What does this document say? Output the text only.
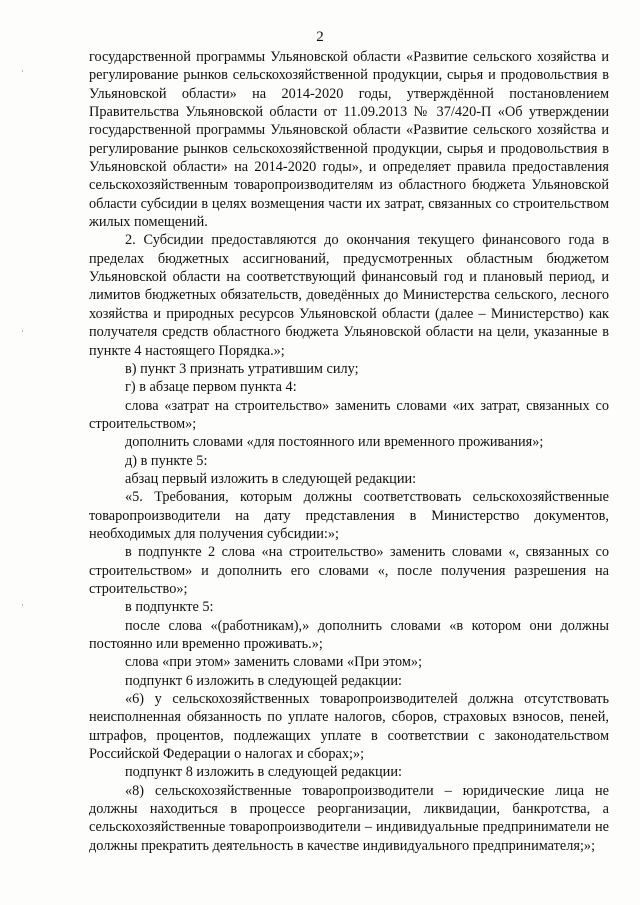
2

государственной программы Ульяновской области «Развитие сельского хозяйства и регулирование рынков сельскохозяйственной продукции, сырья и продовольствия в Ульяновской области» на 2014-2020 годы, утверждённой постановлением Правительства Ульяновской области от 11.09.2013 № 37/420-П «Об утверждении государственной программы Ульяновской области «Развитие сельского хозяйства и регулирование рынков сельскохозяйственной продукции, сырья и продовольствия в Ульяновской области» на 2014-2020 годы», и определяет правила предоставления сельскохозяйственным товаропроизводителям из областного бюджета Ульяновской области субсидии в целях возмещения части их затрат, связанных со строительством жилых помещений.

2. Субсидии предоставляются до окончания текущего финансового года в пределах бюджетных ассигнований, предусмотренных областным бюджетом Ульяновской области на соответствующий финансовый год и плановый период, и лимитов бюджетных обязательств, доведённых до Министерства сельского, лесного хозяйства и природных ресурсов Ульяновской области (далее – Министерство) как получателя средств областного бюджета Ульяновской области на цели, указанные в пункте 4 настоящего Порядка.»;

в) пункт 3 признать утратившим силу;

г) в абзаце первом пункта 4:

слова «затрат на строительство» заменить словами «их затрат, связанных со строительством»;

дополнить словами «для постоянного или временного проживания»;

д) в пункте 5:

абзац первый изложить в следующей редакции:

«5. Требования, которым должны соответствовать сельскохозяйственные товаропроизводители на дату представления в Министерство документов, необходимых для получения субсидии:»;

в подпункте 2 слова «на строительство» заменить словами «, связанных со строительством» и дополнить его словами «, после получения разрешения на строительство»;

в подпункте 5:

после слова «(работникам),» дополнить словами «в котором они должны постоянно или временно проживать.»;

слова «при этом» заменить словами «При этом»;

подпункт 6 изложить в следующей редакции:

«6) у сельскохозяйственных товаропроизводителей должна отсутствовать неисполненная обязанность по уплате налогов, сборов, страховых взносов, пеней, штрафов, процентов, подлежащих уплате в соответствии с законодательством Российской Федерации о налогах и сборах;»;

подпункт 8 изложить в следующей редакции:

«8) сельскохозяйственные товаропроизводители – юридические лица не должны находиться в процессе реорганизации, ликвидации, банкротства, а сельскохозяйственные товаропроизводители – индивидуальные предприниматели не должны прекратить деятельность в качестве индивидуального предпринимателя;»;
